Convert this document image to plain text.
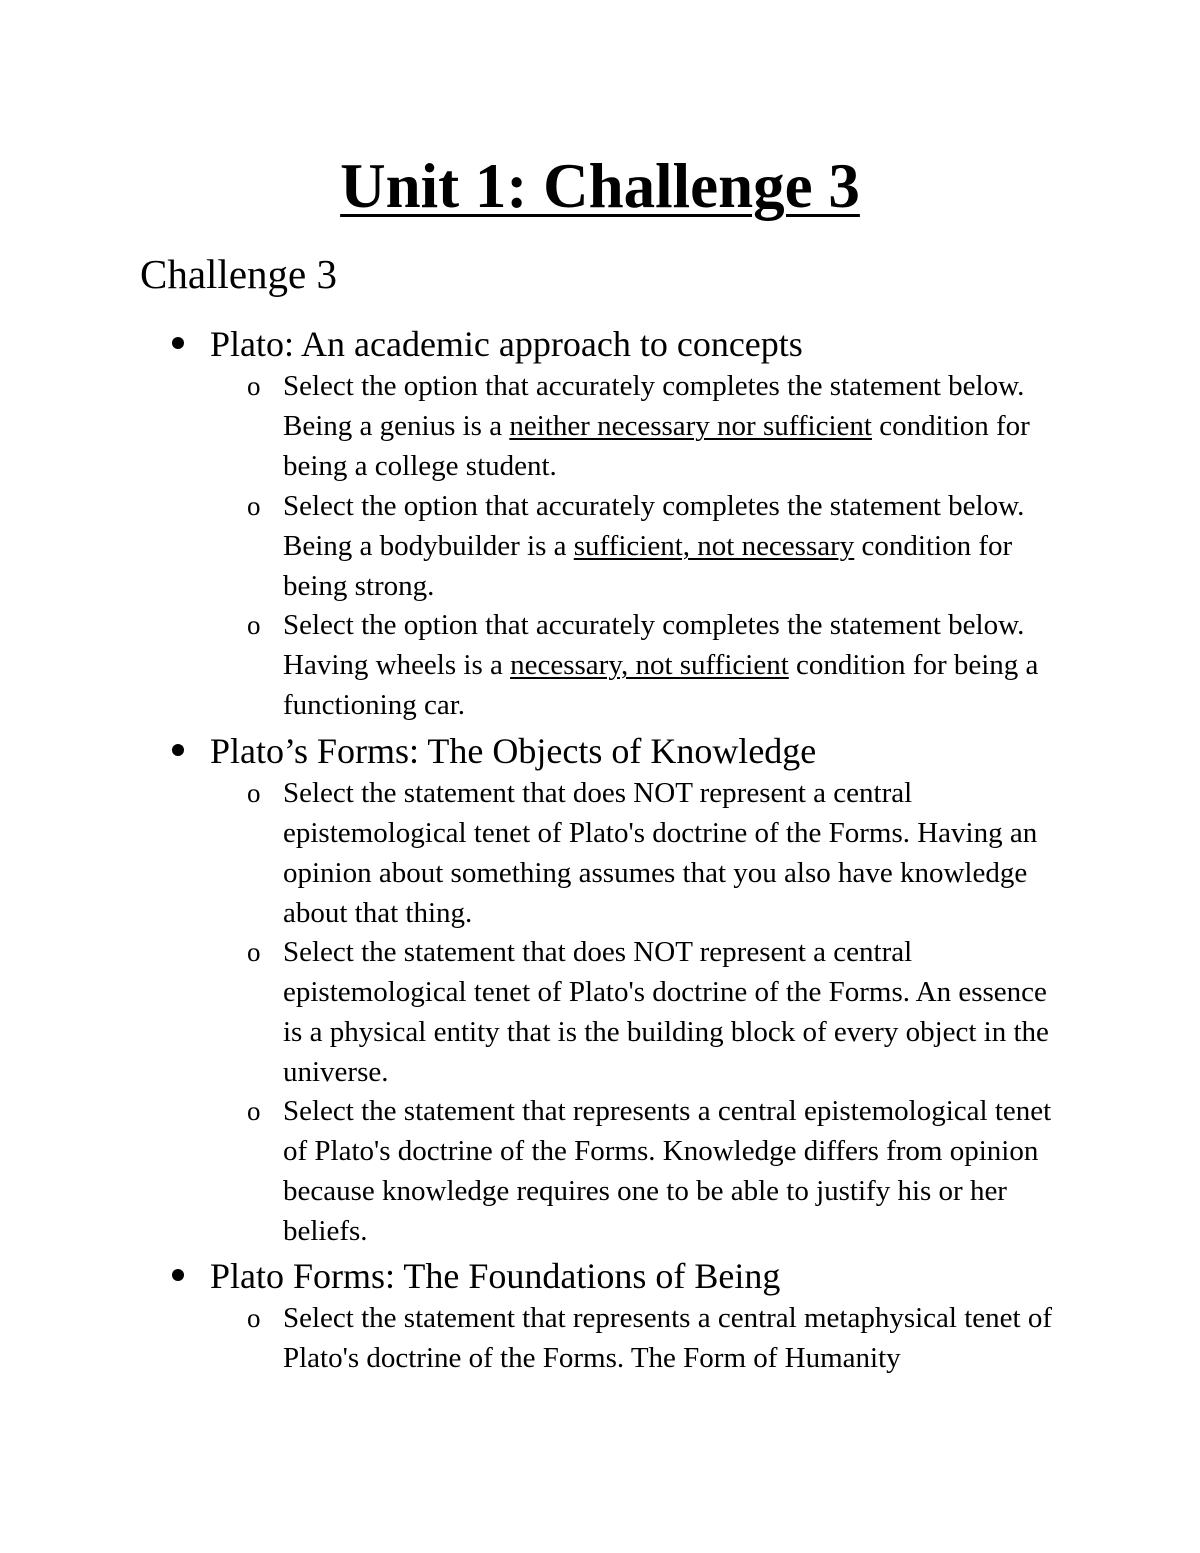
Unit 1: Challenge 3
Challenge 3
Plato: An academic approach to concepts
o Select the option that accurately completes the statement below. Being a genius is a neither necessary nor sufficient condition for being a college student.

o Select the option that accurately completes the statement below. Being a bodybuilder is a sufficient, not necessary condition for being strong.

o Select the option that accurately completes the statement below. Having wheels is a necessary, not sufficient condition for being a functioning car.

Plato’s Forms: The Objects of Knowledge
o Select the statement that does NOT represent a central epistemological tenet of Plato's doctrine of the Forms. Having an opinion about something assumes that you also have knowledge about that thing.

o Select the statement that does NOT represent a central epistemological tenet of Plato's doctrine of the Forms. An essence is a physical entity that is the building block of every object in the universe.

o Select the statement that represents a central epistemological tenet of Plato's doctrine of the Forms. Knowledge differs from opinion because knowledge requires one to be able to justify his or her beliefs.

Plato Forms: The Foundations of Being
o Select the statement that represents a central metaphysical tenet of Plato's doctrine of the Forms. The Form of Humanity
